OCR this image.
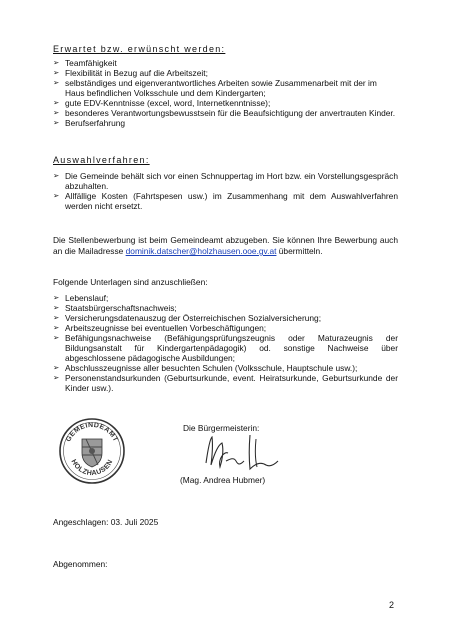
Erwartet bzw. erwünscht werden:
➢ Teamfähigkeit
➢ Flexibilität in Bezug auf die Arbeitszeit;
➢ selbständiges und eigenverantwortliches Arbeiten sowie Zusammenarbeit mit der im Haus befindlichen Volksschule und dem Kindergarten;
➢ gute EDV-Kenntnisse (excel, word, Internetkenntnisse);
➢ besonderes Verantwortungsbewusstsein für die Beaufsichtigung der anvertrauten Kinder.
➢ Berufserfahrung
Auswahlverfahren:
➢ Die Gemeinde behält sich vor einen Schnuppertag im Hort bzw. ein Vorstellungsgespräch abzuhalten.
➢ Allfällige Kosten (Fahrtspesen usw.) im Zusammenhang mit dem Auswahlverfahren werden nicht ersetzt.

Die Stellenbewerbung ist beim Gemeindeamt abzugeben. Sie können Ihre Bewerbung auch an die Mailadresse dominik.datscher@holzhausen.ooe.gv.at übermitteln.

Folgende Unterlagen sind anzuschließen:
➢ Lebenslauf;
➢ Staatsbürgerschaftsnachweis;
➢ Versicherungsdatenauszug der Österreichischen Sozialversicherung;
➢ Arbeitszeugnisse bei eventuellen Vorbeschäftigungen;
➢ Befähigungsnachweise (Befähigungsprüfungszeugnis oder Maturazeugnis der Bildungsanstalt für Kindergartenpädagogik) od. sonstige Nachweise über abgeschlossene pädagogische Ausbildungen;
➢ Abschlusszeugnisse aller besuchten Schulen (Volksschule, Hauptschule usw.);
➢ Personenstandsurkunden (Geburtsurkunde, event. Heiratsurkunde, Geburtsurkunde der Kinder usw.).
GEMEINDEAMT
HOLZHAUSEN
Die Bürgermeisterin:
(Mag. Andrea Hubmer)
Angeschlagen: 03. Juli 2025
Abgenommen:
2
